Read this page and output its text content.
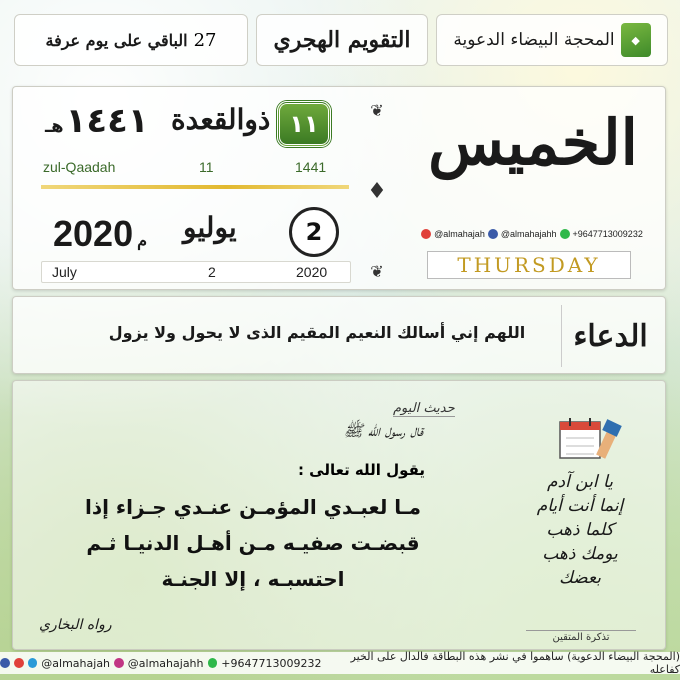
المحجة البيضاء الدعوية	◆
التقويم الهجري
الباقي على يوم عرفة 27
١٤٤١
هـ	ذوالقعدة ١١
zul-Qaadah	11	1441
2020 م يوليو	2
July	2	2020
❦
♦
❦
الخميس
@almahajah @almahajahh +9647713009232
THURSDAY
اللهم إني أسالك النعيم المقيم الذى لا يحول ولا يزول	الدعاء
حديث اليوم
قال رسول الله ﷺ
يقول الله تعالى :
مـا لعبـدي المؤمـن عنـدي جـزاء إذا
قبضـت صفيـه مـن أهـل الدنيـا ثـم
احتسبـه ، إلا الجنـة
رواه البخاري
يا ابن آدم
إنما أنت أيام
كلما ذهب
يومك ذهب
بعضك
تذكرة المتقين
@almahajah @almahajahh +9647713009232	(المحجة البيضاء الدعوية) ساهموا في نشر هذه البطاقة فالدال على الخير كفاعله
